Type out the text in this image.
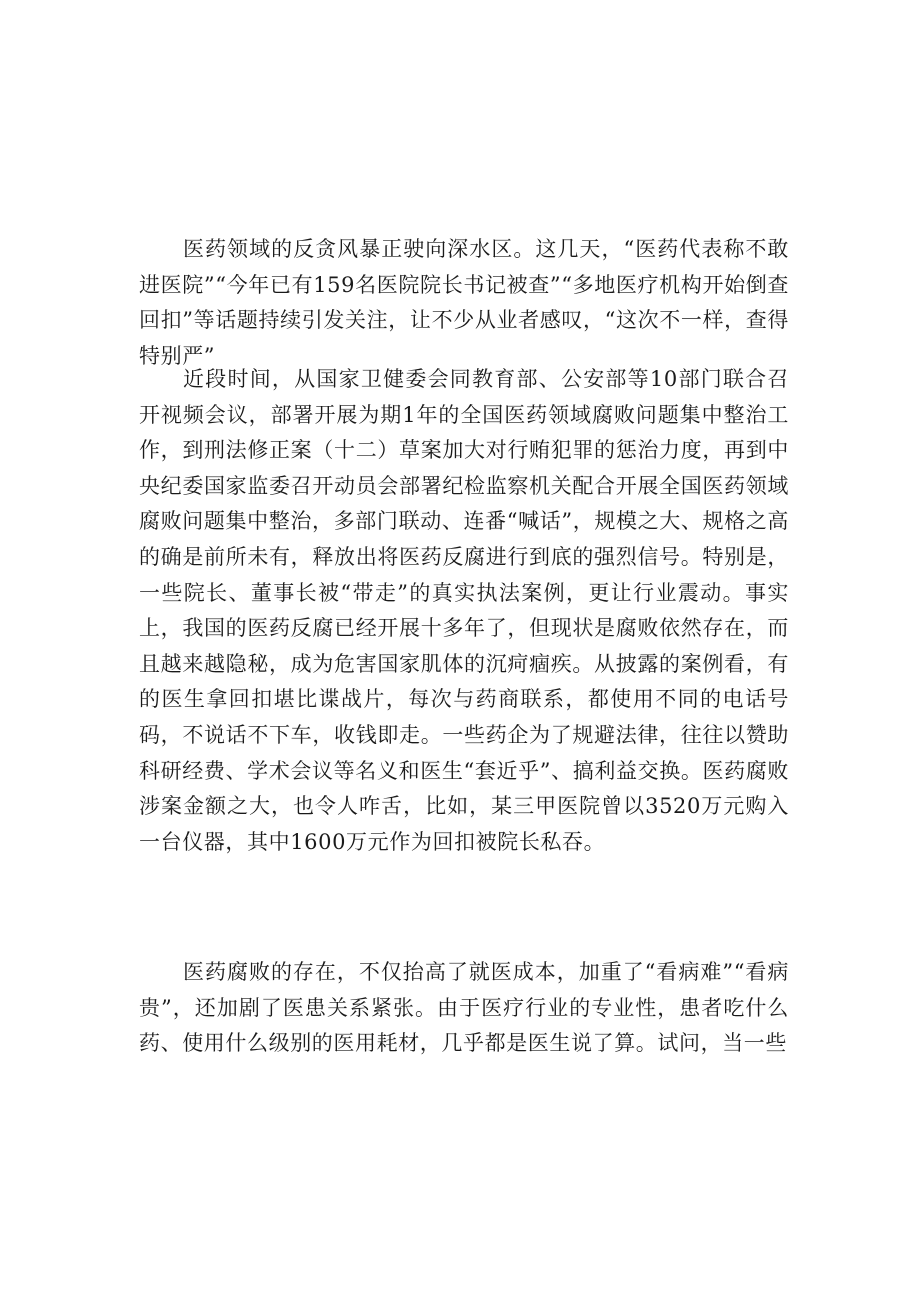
医药领域的反贪风暴正驶向深水区。这几天，“医药代表称不敢进医院”“今年已有159名医院院长书记被查”“多地医疗机构开始倒查回扣”等话题持续引发关注，让不少从业者感叹，“这次不一样，查得特别严”

近段时间，从国家卫健委会同教育部、公安部等10部门联合召开视频会议，部署开展为期1年的全国医药领域腐败问题集中整治工作，到刑法修正案（十二）草案加大对行贿犯罪的惩治力度，再到中央纪委国家监委召开动员会部署纪检监察机关配合开展全国医药领域腐败问题集中整治，多部门联动、连番“喊话”，规模之大、规格之高的确是前所未有，释放出将医药反腐进行到底的强烈信号。特别是，一些院长、董事长被“带走”的真实执法案例，更让行业震动。事实上，我国的医药反腐已经开展十多年了，但现状是腐败依然存在，而且越来越隐秘，成为危害国家肌体的沉疴痼疾。从披露的案例看，有的医生拿回扣堪比谍战片，每次与药商联系，都使用不同的电话号码，不说话不下车，收钱即走。一些药企为了规避法律，往往以赞助科研经费、学术会议等名义和医生“套近乎”、搞利益交换。医药腐败涉案金额之大，也令人咋舌，比如，某三甲医院曾以3520万元购入一台仪器，其中1600万元作为回扣被院长私吞。

医药腐败的存在，不仅抬高了就医成本，加重了“看病难”“看病贵”，还加剧了医患关系紧张。由于医疗行业的专业性，患者吃什么药、使用什么级别的医用耗材，几乎都是医生说了算。试问，当一些
